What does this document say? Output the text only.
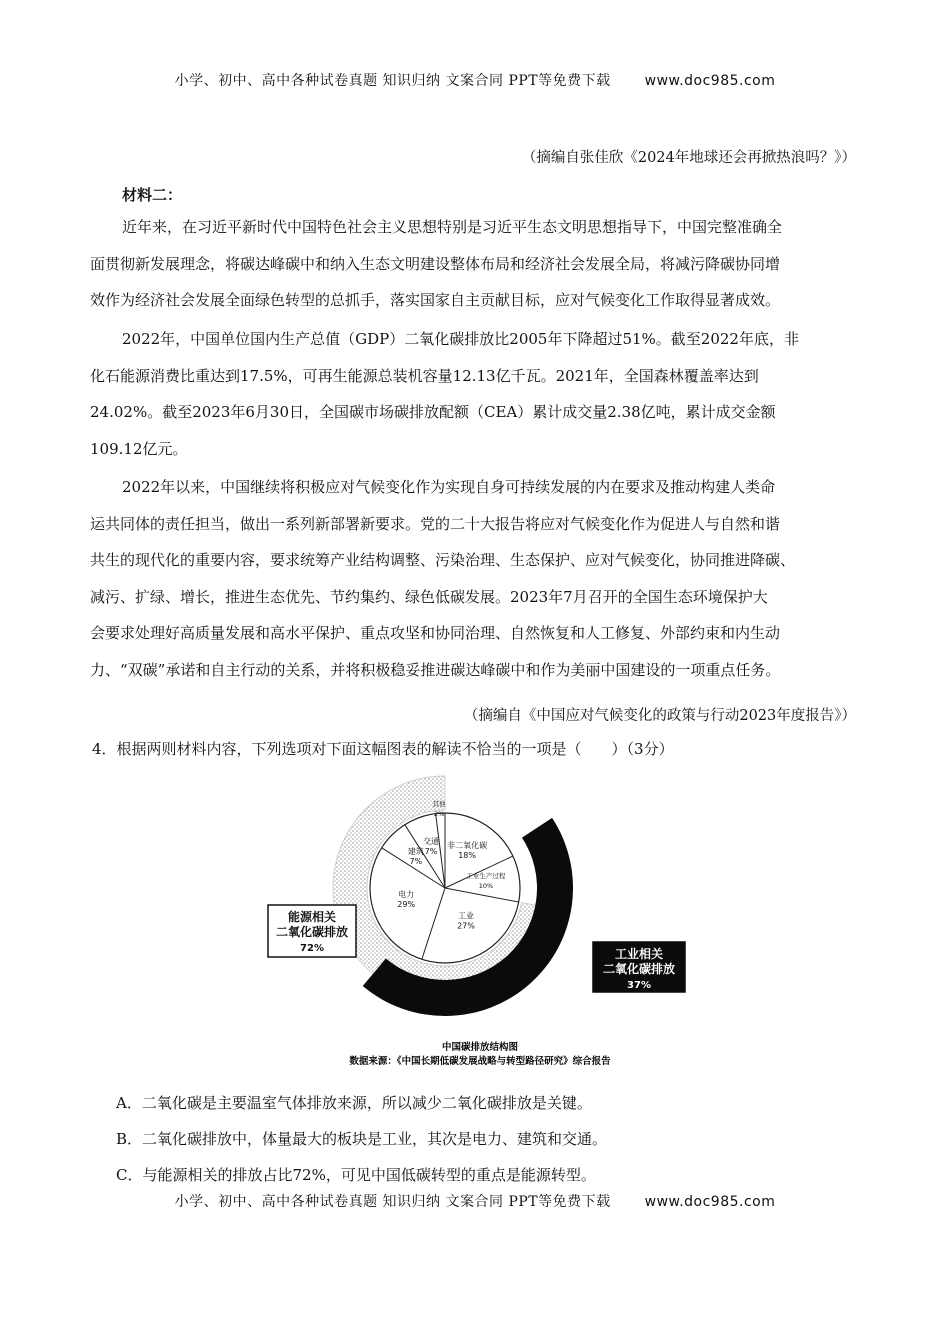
小学、初中、高中各种试卷真题 知识归纳 文案合同 PPT等免费下载 www.doc985.com
（摘编自张佳欣《2024年地球还会再掀热浪吗？》）
材料二：
近年来，在习近平新时代中国特色社会主义思想特别是习近平生态文明思想指导下，中国完整准确全
面贯彻新发展理念，将碳达峰碳中和纳入生态文明建设整体布局和经济社会发展全局，将减污降碳协同增
效作为经济社会发展全面绿色转型的总抓手，落实国家自主贡献目标，应对气候变化工作取得显著成效。
2022年，中国单位国内生产总值（GDP）二氧化碳排放比2005年下降超过51%。截至2022年底，非
化石能源消费比重达到17.5%，可再生能源总装机容量12.13亿千瓦。2021年，全国森林覆盖率达到
24.02%。截至2023年6月30日，全国碳市场碳排放配额（CEA）累计成交量2.38亿吨，累计成交金额
109.12亿元。
2022年以来，中国继续将积极应对气候变化作为实现自身可持续发展的内在要求及推动构建人类命
运共同体的责任担当，做出一系列新部署新要求。党的二十大报告将应对气候变化作为促进人与自然和谐
共生的现代化的重要内容，要求统筹产业结构调整、污染治理、生态保护、应对气候变化，协同推进降碳、
减污、扩绿、增长，推进生态优先、节约集约、绿色低碳发展。2023年7月召开的全国生态环境保护大
会要求处理好高质量发展和高水平保护、重点攻坚和协同治理、自然恢复和人工修复、外部约束和内生动
力、“双碳”承诺和自主行动的关系，并将积极稳妥推进碳达峰碳中和作为美丽中国建设的一项重点任务。
（摘编自《中国应对气候变化的政策与行动2023年度报告》）
4．根据两则材料内容，下列选项对下面这幅图表的解读不恰当的一项是（　　）（3分）
非二氧化碳 18%
工业生产过程 10%
工业 27%
电力 29%
建筑 7%
交通 7%
其他 2%
能源相关
二氧化碳排放
72%	工业相关
二氧化碳排放
37%
中国碳排放结构图
数据来源：《中国长期低碳发展战略与转型路径研究》综合报告
A．二氧化碳是主要温室气体排放来源，所以减少二氧化碳排放是关键。
B．二氧化碳排放中，体量最大的板块是工业，其次是电力、建筑和交通。
C．与能源相关的排放占比72%，可见中国低碳转型的重点是能源转型。
小学、初中、高中各种试卷真题 知识归纳 文案合同 PPT等免费下载 www.doc985.com
